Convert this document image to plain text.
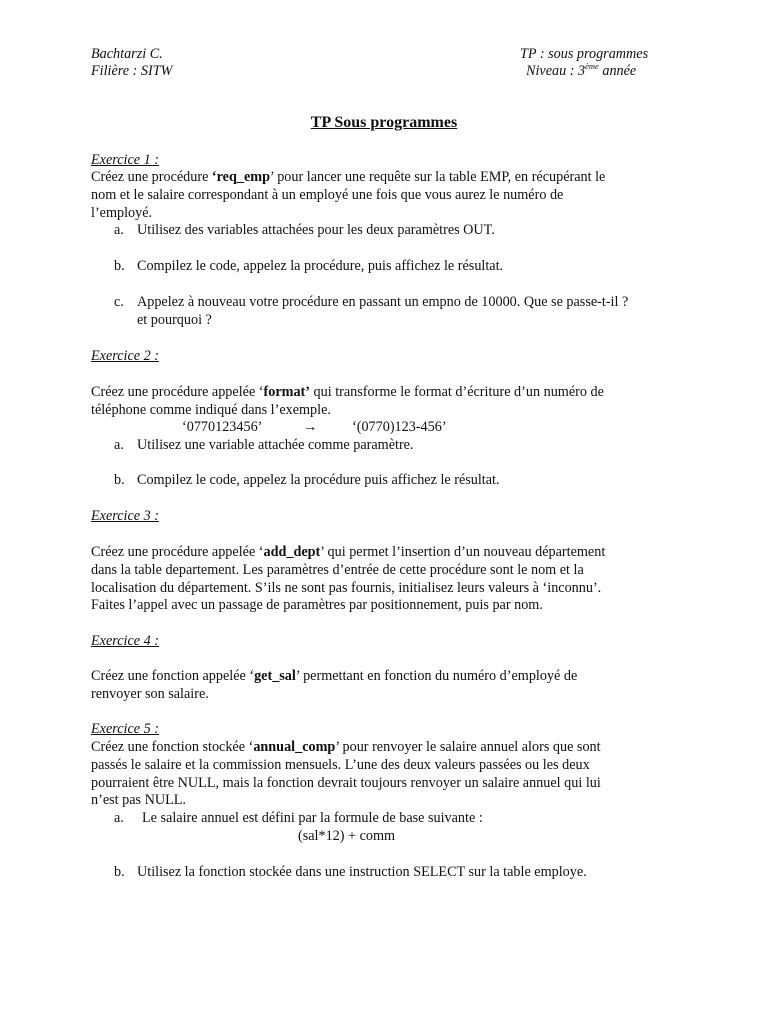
Bachtarzi C.
Filière : SITW
TP : sous programmes
Niveau : 3ème année
TP Sous programmes
Exercice 1 :
Créez une procédure ‘req_emp’ pour lancer une requête sur la table EMP, en récupérant le
nom et le salaire correspondant à un employé une fois que vous aurez le numéro de
l’employé.
a. Utilisez des variables attachées pour les deux paramètres OUT.
b. Compilez le code, appelez la procédure, puis affichez le résultat.
c. Appelez à nouveau votre procédure en passant un empno de 10000. Que se passe-t-il ?
et pourquoi ?
Exercice 2 :
Créez une procédure appelée ‘format’ qui transforme le format d’écriture d’un numéro de
téléphone comme indiqué dans l’exemple.
‘0770123456’	→ ‘(0770)123-456’
a. Utilisez une variable attachée comme paramètre.
b. Compilez le code, appelez la procédure puis affichez le résultat.
Exercice 3 :
Créez une procédure appelée ‘add_dept’ qui permet l’insertion d’un nouveau département
dans la table departement. Les paramètres d’entrée de cette procédure sont le nom et la
localisation du département. S’ils ne sont pas fournis, initialisez leurs valeurs à ‘inconnu’.
Faites l’appel avec un passage de paramètres par positionnement, puis par nom.
Exercice 4 :
Créez une fonction appelée ‘get_sal’ permettant en fonction du numéro d’employé de
renvoyer son salaire.
Exercice 5 :
Créez une fonction stockée ‘annual_comp’ pour renvoyer le salaire annuel alors que sont
passés le salaire et la commission mensuels. L’une des deux valeurs passées ou les deux
pourraient être NULL, mais la fonction devrait toujours renvoyer un salaire annuel qui lui
n’est pas NULL.
a. Le salaire annuel est défini par la formule de base suivante :
(sal*12) + comm
b. Utilisez la fonction stockée dans une instruction SELECT sur la table employe.
